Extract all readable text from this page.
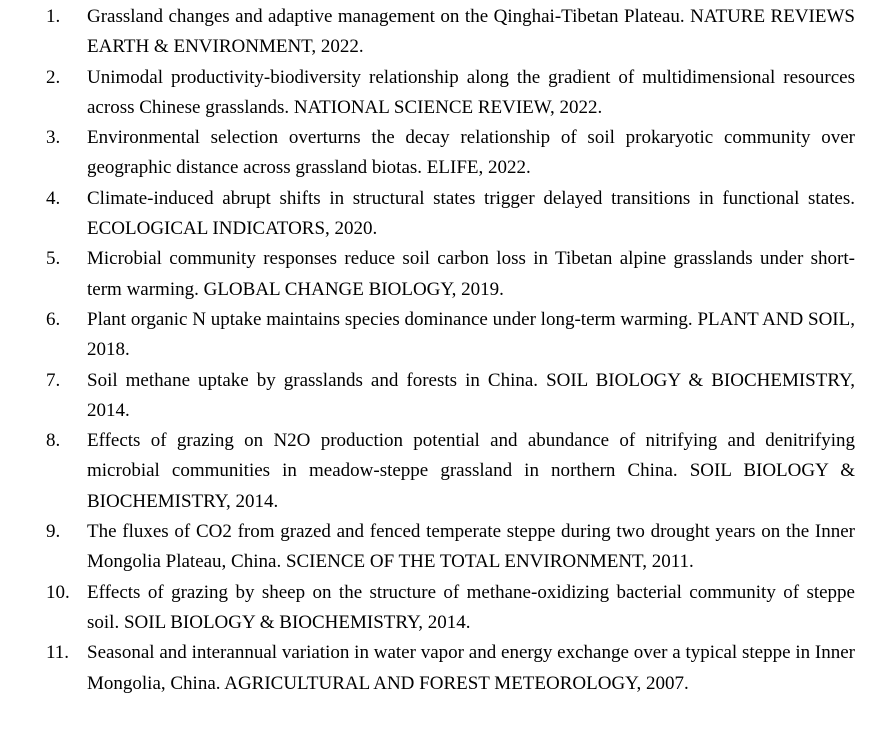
1.	Grassland changes and adaptive management on the Qinghai-Tibetan Plateau. NATURE REVIEWS EARTH & ENVIRONMENT, 2022.
2.	Unimodal productivity-biodiversity relationship along the gradient of multidimensional resources across Chinese grasslands. NATIONAL SCIENCE REVIEW, 2022.
3.	Environmental selection overturns the decay relationship of soil prokaryotic community over geographic distance across grassland biotas. ELIFE, 2022.
4.	Climate-induced abrupt shifts in structural states trigger delayed transitions in functional states. ECOLOGICAL INDICATORS, 2020.
5.	Microbial community responses reduce soil carbon loss in Tibetan alpine grasslands under short-term warming. GLOBAL CHANGE BIOLOGY, 2019.
6.	Plant organic N uptake maintains species dominance under long-term warming. PLANT AND SOIL, 2018.
7.	Soil methane uptake by grasslands and forests in China. SOIL BIOLOGY & BIOCHEMISTRY, 2014.
8.	Effects of grazing on N2O production potential and abundance of nitrifying and denitrifying microbial communities in meadow-steppe grassland in northern China. SOIL BIOLOGY & BIOCHEMISTRY, 2014.
9.	The fluxes of CO2 from grazed and fenced temperate steppe during two drought years on the Inner Mongolia Plateau, China. SCIENCE OF THE TOTAL ENVIRONMENT, 2011.
10. Effects of grazing by sheep on the structure of methane-oxidizing bacterial community of steppe soil. SOIL BIOLOGY & BIOCHEMISTRY, 2014.
11. Seasonal and interannual variation in water vapor and energy exchange over a typical steppe in Inner Mongolia, China. AGRICULTURAL AND FOREST METEOROLOGY, 2007.
